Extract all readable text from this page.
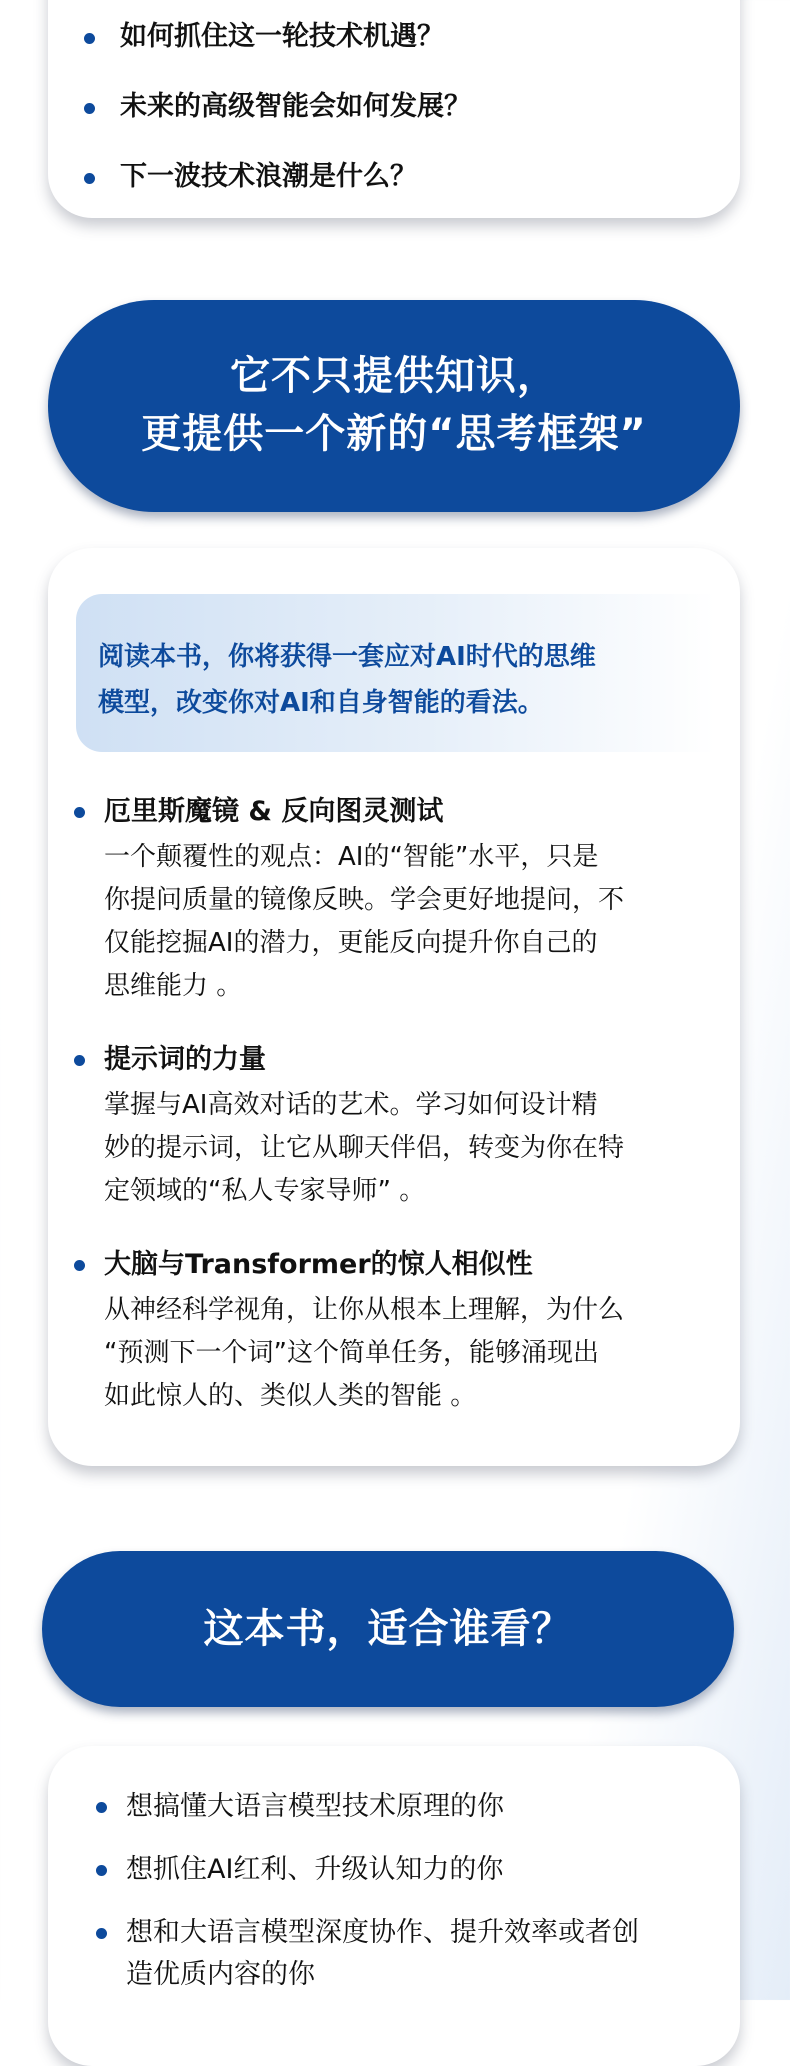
如何抓住这一轮技术机遇？
未来的高级智能会如何发展？
下一波技术浪潮是什么？
它不只提供知识，
更提供一个新的“思考框架”
阅读本书，你将获得一套应对AI时代的思维
模型，改变你对AI和自身智能的看法。
厄里斯魔镜 & 反向图灵测试
一个颠覆性的观点：AI的“智能”水平，只是
你提问质量的镜像反映。学会更好地提问，不
仅能挖掘AI的潜力，更能反向提升你自己的
思维能力 。
提示词的力量
掌握与AI高效对话的艺术。学习如何设计精
妙的提示词，让它从聊天伴侣，转变为你在特
定领域的“私人专家导师” 。
大脑与Transformer的惊人相似性
从神经科学视角，让你从根本上理解，为什么
“预测下一个词”这个简单任务，能够涌现出
如此惊人的、类似人类的智能 。
这本书，适合谁看？
想搞懂大语言模型技术原理的你
想抓住AI红利、升级认知力的你
想和大语言模型深度协作、提升效率或者创
造优质内容的你
